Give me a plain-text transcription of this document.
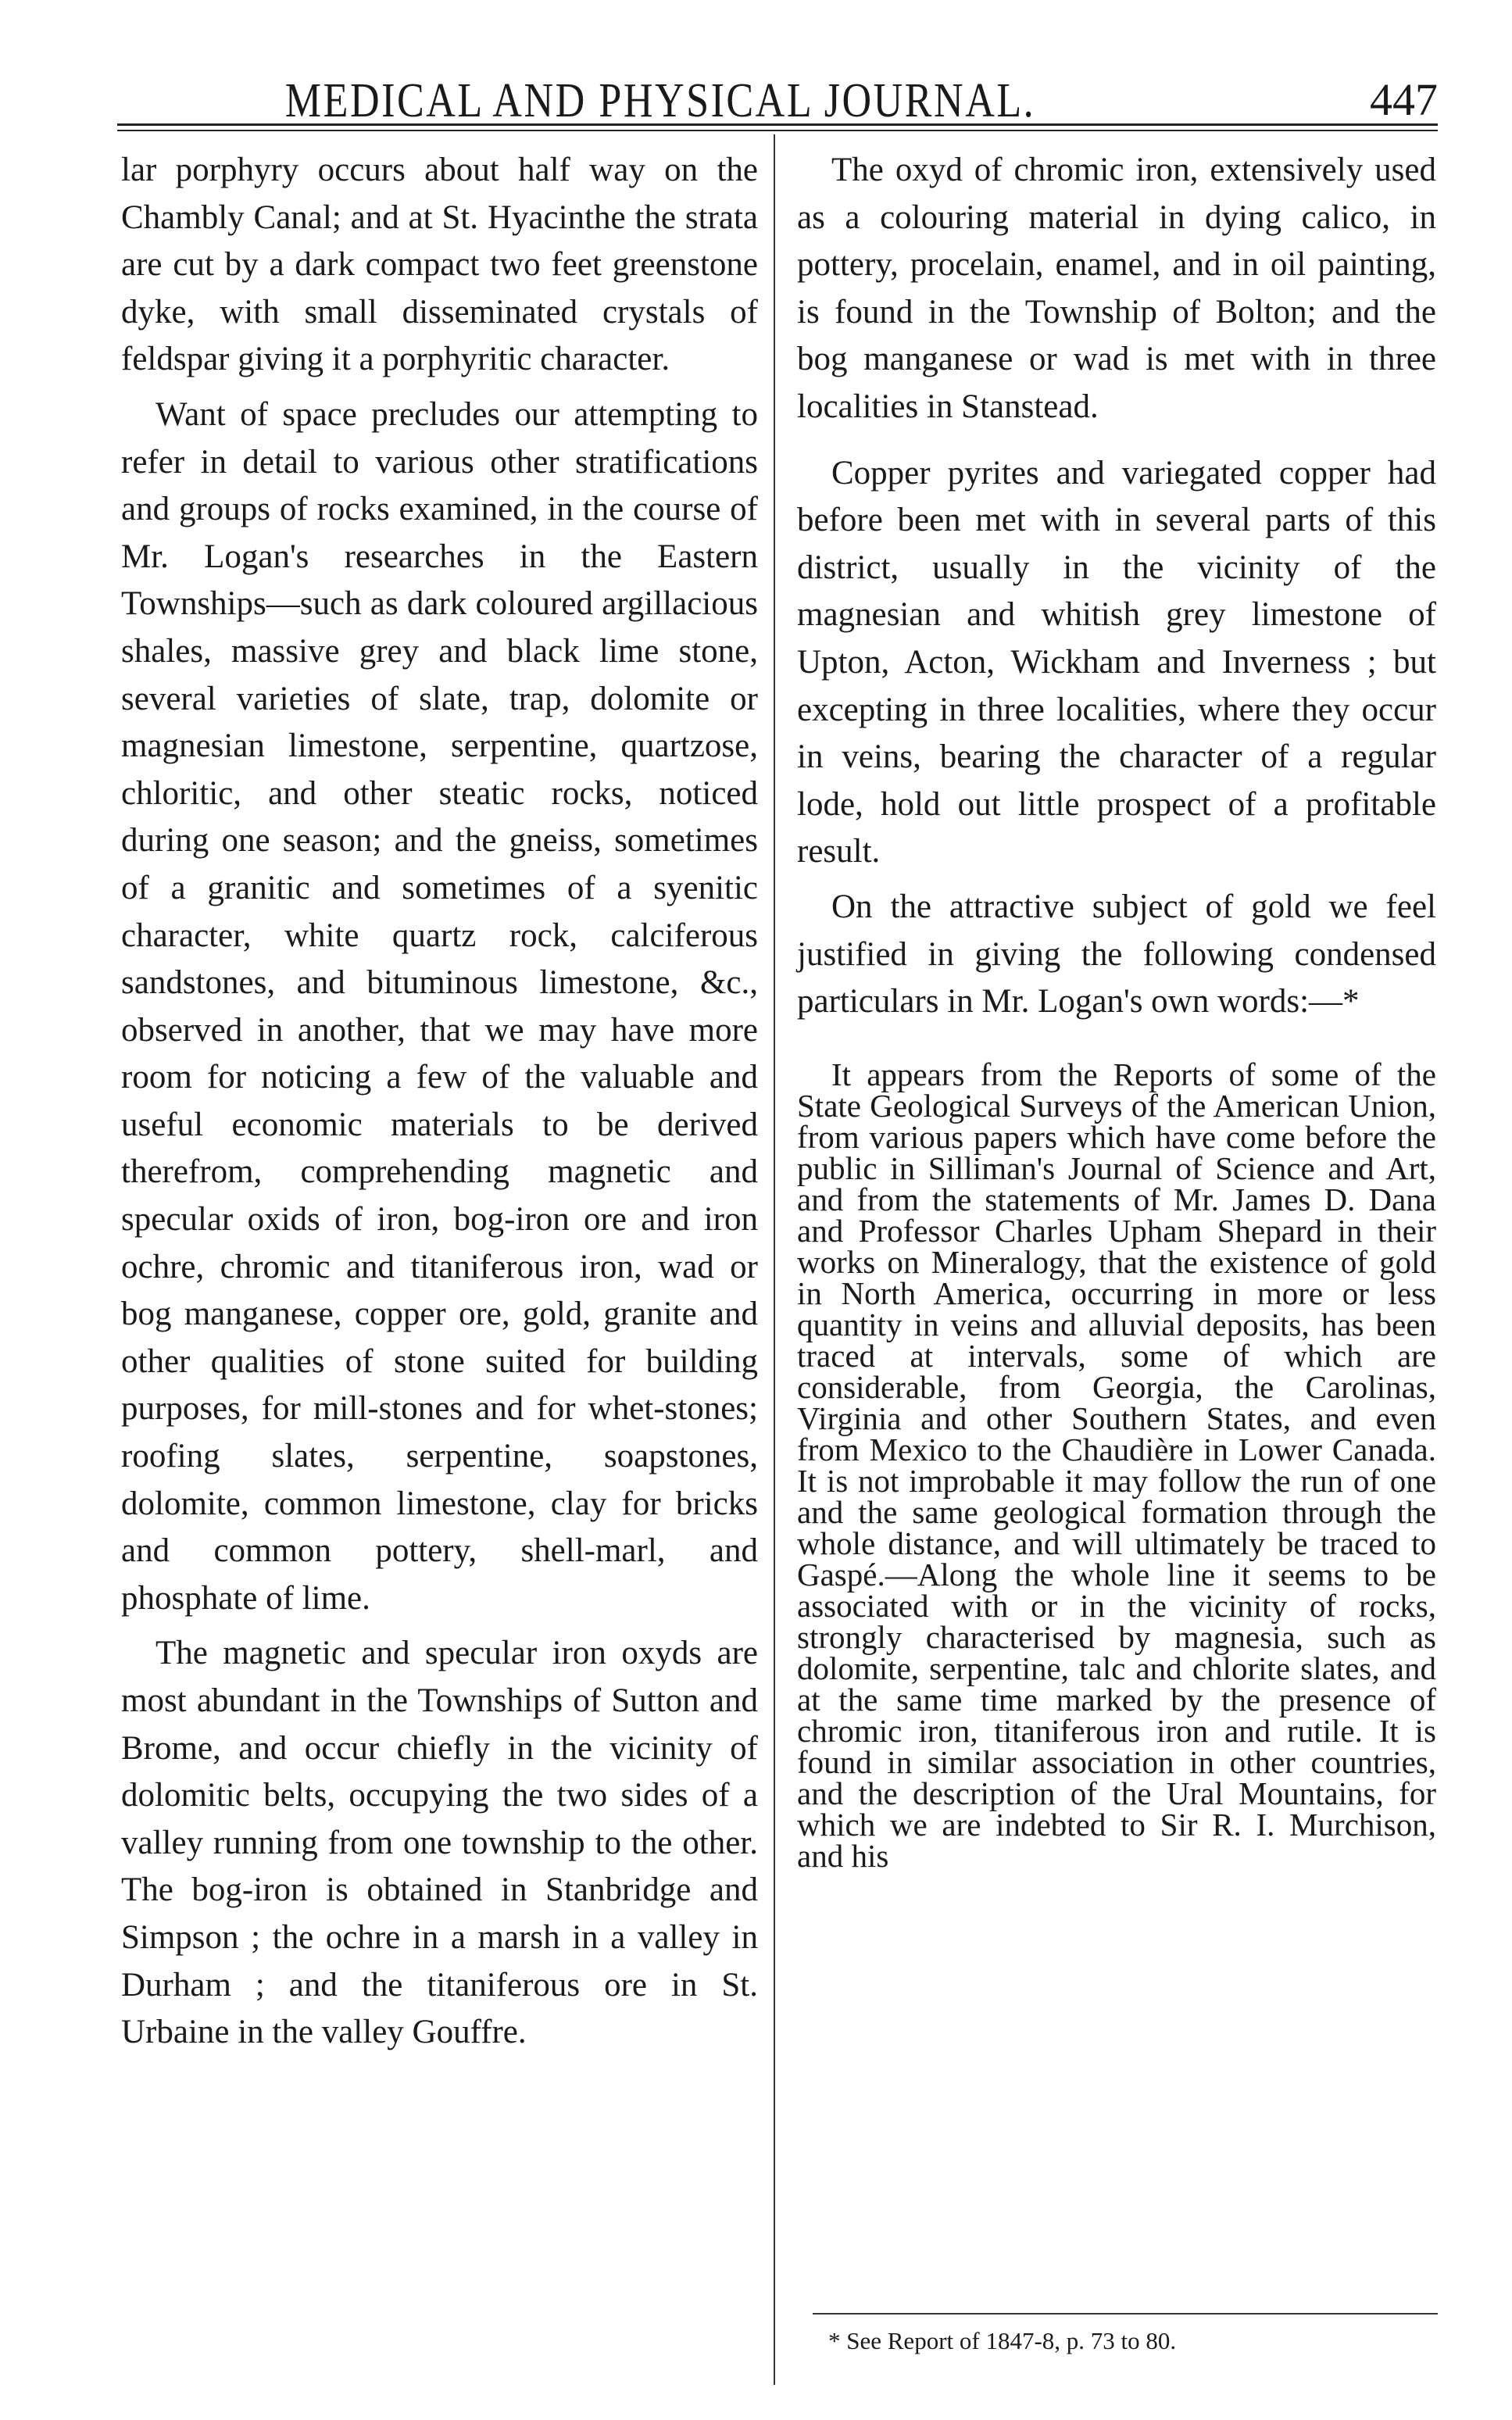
MEDICAL AND PHYSICAL JOURNAL.	447

lar porphyry occurs about half way on the Chambly Canal; and at St. Hyacinthe the strata are cut by a dark compact two feet greenstone dyke, with small disseminated crystals of feldspar giving it a porphyritic character.

Want of space precludes our attempting to refer in detail to various other stratifications and groups of rocks examined, in the course of Mr. Logan's researches in the Eastern Townships—such as dark coloured argillacious shales, massive grey and black lime stone, several varieties of slate, trap, dolomite or magnesian limestone, serpentine, quartzose, chloritic, and other steatic rocks, noticed during one season; and the gneiss, sometimes of a granitic and sometimes of a syenitic character, white quartz rock, calciferous sandstones, and bituminous limestone, &c., observed in another, that we may have more room for noticing a few of the valuable and useful economic materials to be derived therefrom, comprehending magnetic and specular oxids of iron, bog-iron ore and iron ochre, chromic and titaniferous iron, wad or bog manganese, copper ore, gold, granite and other qualities of stone suited for building purposes, for mill-stones and for whet-stones; roofing slates, serpentine, soapstones, dolomite, common limestone, clay for bricks and common pottery, shell-marl, and phosphate of lime.

The magnetic and specular iron oxyds are most abundant in the Townships of Sutton and Brome, and occur chiefly in the vicinity of dolomitic belts, occupying the two sides of a valley running from one township to the other. The bog-iron is obtained in Stanbridge and Simpson ; the ochre in a marsh in a valley in Durham ; and the titaniferous ore in St. Urbaine in the valley Gouffre.

The oxyd of chromic iron, extensively used as a colouring material in dying calico, in pottery, procelain, enamel, and in oil painting, is found in the Township of Bolton; and the bog manganese or wad is met with in three localities in Stanstead.

Copper pyrites and variegated copper had before been met with in several parts of this district, usually in the vicinity of the magnesian and whitish grey limestone of Upton, Acton, Wickham and Inverness ; but excepting in three localities, where they occur in veins, bearing the character of a regular lode, hold out little prospect of a profitable result.

On the attractive subject of gold we feel justified in giving the following condensed particulars in Mr. Logan's own words:—*

It appears from the Reports of some of the State Geological Surveys of the American Union, from various papers which have come before the public in Silliman's Journal of Science and Art, and from the statements of Mr. James D. Dana and Professor Charles Upham Shepard in their works on Mineralogy, that the existence of gold in North America, occurring in more or less quantity in veins and alluvial deposits, has been traced at intervals, some of which are considerable, from Georgia, the Carolinas, Virginia and other Southern States, and even from Mexico to the Chaudière in Lower Canada. It is not improbable it may follow the run of one and the same geological formation through the whole distance, and will ultimately be traced to Gaspé.—Along the whole line it seems to be associated with or in the vicinity of rocks, strongly characterised by magnesia, such as dolomite, serpentine, talc and chlorite slates, and at the same time marked by the presence of chromic iron, titaniferous iron and rutile. It is found in similar association in other countries, and the description of the Ural Mountains, for which we are indebted to Sir R. I. Murchison, and his

* See Report of 1847-8, p. 73 to 80.
